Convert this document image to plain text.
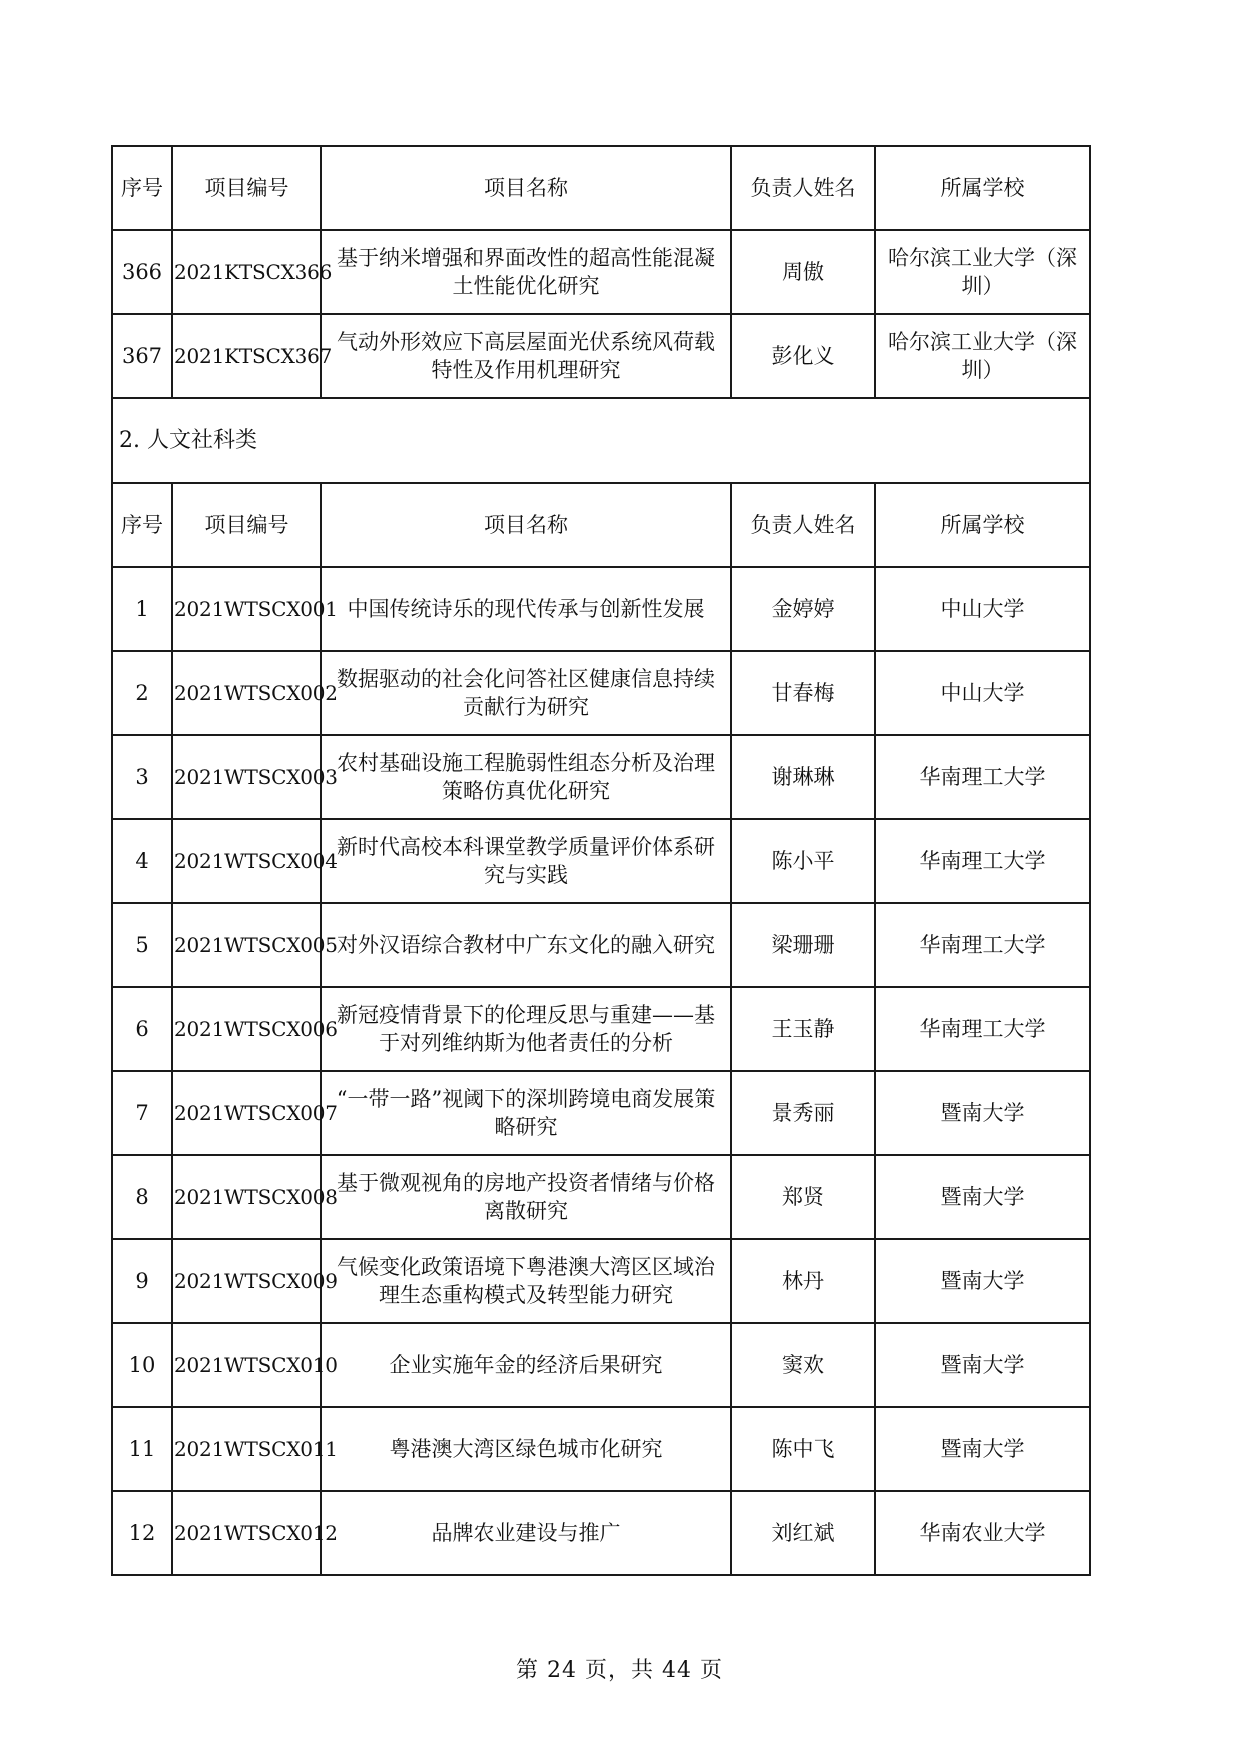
序号	项目编号	项目名称	负责人姓名	所属学校
366	2021KTSCX366	基于纳米增强和界面改性的超高性能混凝土性能优化研究	周傲	哈尔滨工业大学（深圳）
367	2021KTSCX367	气动外形效应下高层屋面光伏系统风荷载特性及作用机理研究	彭化义	哈尔滨工业大学（深圳）
2. 人文社科类				
序号	项目编号	项目名称	负责人姓名	所属学校
1	2021WTSCX001	中国传统诗乐的现代传承与创新性发展	金婷婷	中山大学
2	2021WTSCX002	数据驱动的社会化问答社区健康信息持续贡献行为研究	甘春梅	中山大学
3	2021WTSCX003	农村基础设施工程脆弱性组态分析及治理策略仿真优化研究	谢琳琳	华南理工大学
4	2021WTSCX004	新时代高校本科课堂教学质量评价体系研究与实践	陈小平	华南理工大学
5	2021WTSCX005	对外汉语综合教材中广东文化的融入研究	梁珊珊	华南理工大学
6	2021WTSCX006	新冠疫情背景下的伦理反思与重建——基于对列维纳斯为他者责任的分析	王玉静	华南理工大学
7	2021WTSCX007	“一带一路”视阈下的深圳跨境电商发展策略研究	景秀丽	暨南大学
8	2021WTSCX008	基于微观视角的房地产投资者情绪与价格离散研究	郑贤	暨南大学
9	2021WTSCX009	气候变化政策语境下粤港澳大湾区区域治理生态重构模式及转型能力研究	林丹	暨南大学
10	2021WTSCX010	企业实施年金的经济后果研究	窦欢	暨南大学
11	2021WTSCX011	粤港澳大湾区绿色城市化研究	陈中飞	暨南大学
12	2021WTSCX012	品牌农业建设与推广	刘红斌	华南农业大学
第 24 页，共 44 页
